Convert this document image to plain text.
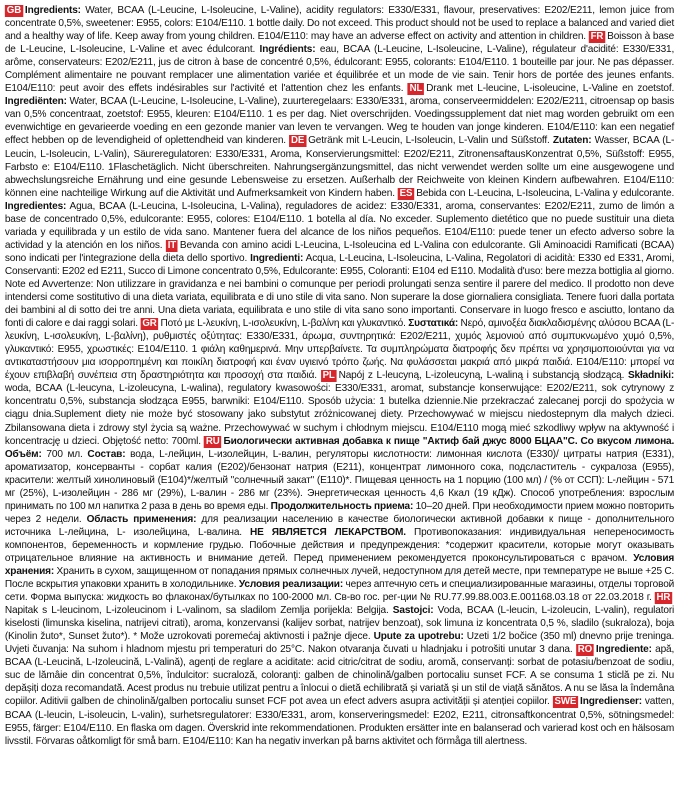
GB Ingredients: Water, BCAA (L-Leucine, L-Isoleucine, L-Valine), acidity regulators: E330/E331, flavour, preservatives: E202/E211, lemon juice from concentrate 0,5%, sweetener: E955, colors: E104/E110. 1 bottle daily. Do not exceed. This product should not be used to replace a balanced and varied diet and a healthy way of life. Keep away from young children. E104/E110: may have an adverse effect on activity and attention in children. FR Boisson à base de L-Leucine, L-Isoleucine, L-Valine et avec édulcorant. Ingrédients: eau, BCAA (L-Leucine, L-Isoleucine, L-Valine), régulateur d'acidité: E330/E331, arôme, conservateurs: E202/E211, jus de citron à base de concentré 0,5%, édulcorant: E955, colorants: E104/E110. 1 bouteille par jour. Ne pas dépasser. Complément alimentaire ne pouvant remplacer une alimentation variée et équilibrée et un mode de vie sain. Tenir hors de portée des jeunes enfants. E104/E110: peut avoir des effets indésirables sur l'activité et l'attention chez les enfants. NL Drank met L-leucine, L-isoleucine, L-Valine en zoetstof. Ingrediënten: Water, BCAA (L-Leucine, L-Isoleucine, L-Valine), zuurteregelaars: E330/E331, aroma, conserveermiddelen: E202/E211, citroensap op basis van 0,5% concentraat, zoetstof: E955, kleuren: E104/E110. 1 es per dag. Niet overschrijden. Voedingssupplement dat niet mag worden gebruikt om een evenwichtige en gevarieerde voeding en een gezonde manier van leven te vervangen. Weg te houden van jonge kinderen. E104/E110: kan een negatief effect hebben op de levendigheid of oplettendheid van kinderen. DE Getränk mit L-Leucin, L-Isoleucin, L-Valin und Süßstoff. Zutaten: Wasser, BCAA (L-Leucin, L-Isoleucin, L-Valin), Säureregulatoren: E330/E331, Aroma, Konservierungsmittel: E202/E211, ZitronensaftausKonzentrat 0,5%, Süßstoff: E955, Farbsto e: E104/E110. 1Flaschetäglich. Nicht überschreiten. Nahrungsergänzungsmittel, das nicht verwendet werden sollte um eine ausgewogene und abwechslungsreiche Ernährung und eine gesunde Lebensweise zu ersetzen. Außerhalb der Reichweite von kleinen Kindern aufbewahren. E104/E110: können eine nachteilige Wirkung auf die Aktivität und Aufmerksamkeit von Kindern haben. ES Bebida con L-Leucina, L-Isoleucina, L-Valina y edulcorante. Ingredientes: Agua, BCAA (L-Leucina, L-Isoleucina, L-Valina), reguladores de acidez: E330/E331, aroma, conservantes: E202/E211, zumo de limón a base de concentrado 0,5%, edulcorante: E955, colores: E104/E110. 1 botella al día. No exceder. Suplemento dietético que no puede sustituir una dieta variada y equilibrada y un estilo de vida sano. Mantener fuera del alcance de los niños pequeños. E104/E110: puede tener un efecto adverso sobre la actividad y la atención en los niños. IT Bevanda con amino acidi L-Leucina, L-Isoleucina ed L-Valina con edulcorante. Gli Aminoacidi Ramificati (BCAA) sono indicati per l'integrazione della dieta dello sportivo. Ingredienti: Acqua, L-Leucina, L-Isoleucina, L-Valina, Regolatori di acidità: E330 ed E331, Aromi, Conservanti: E202 ed E211, Succo di Limone concentrato 0,5%, Edulcorante: E955, Coloranti: E104 ed E110. Modalità d'uso: bere mezza bottiglia al giorno. Note ed Avvertenze: Non utilizzare in gravidanza e nei bambini o comunque per periodi prolungati senza sentire il parere del medico. Il prodotto non deve intendersi come sostitutivo di una dieta variata, equilibrata e di uno stile di vita sano. Non superare la dose giornaliera consigliata. Tenere fuori dalla portata dei bambini al di sotto dei tre anni. Una dieta variata, equilibrata e uno stile di vita sano sono importanti. Conservare in luogo fresco e asciutto, lontano da fonti di calore e dai raggi solari. GR Ποτό με L-λευκίνη, L-ισολευκίνη, L-βαλίνη και γλυκαντικό. Συστατικά: Νερό, αμινοξέα διακλαδισμένης αλύσου BCAA (L-λευκίνη, L-ισολευκίνη, L-βαλίνη), ρυθμιστές οξύτητας: E330/E331, άρωμα, συντηρητικά: E202/E211, χυμός λεμονιού από συμπυκνωμένο χυμό 0,5%, γλυκαντικό: E955, χρωστικές: E104/E110. 1 φιάλη καθημερινά. Μην υπερβαίνετε. Τα συμπληρώματα διατροφής δεν πρέπει να χρησιμοποιούνται για να αντικαταστήσουν μια ισορροπημένη και ποικίλη διατροφή και έναν υγιεινό τρόπο ζωής. Να φυλάσσεται μακριά από μικρά παιδιά. E104/E110: μπορεί να έχουν επιβλαβή συνέπεια στη δραστηριότητα και προσοχή στα παιδιά. PL Napój z L-leucyną, L-izoleucyną, L-waliną i substancją słodzącą. Składniki: woda, BCAA (L-leucyna, L-izoleucyna, L-walina), regulatory kwasowości: E330/E331, aromat, substancje konserwujące: E202/E211, sok cytrynowy z koncentratu 0,5%, substancja słodząca E955, barwniki: E104/E110. Sposób użycia: 1 butelka dziennie.Nie przekraczać zalecanej porcji do spożycia w ciągu dnia.Suplement diety nie może być stosowany jako substytut zróżnicowanej diety. Przechowywać w miejscu niedostepnym dla małych dzieci. Zbilansowana dieta i zdrowy styl życia są ważne. Przechowywać w suchym i chłodnym miejscu. E104/E110 mogą mieć szkodliwy wpływ na aktywność i koncentrację u dzieci. Objętość netto: 700ml. RU Биологически активная добавка к пище "Актиф бай джус 8000 БЦАА"С. Со вкусом лимона. Объём: 700 мл. Состав: вода, L-лейцин, L-изолейцин, L-валин, регуляторы кислотности: лимонная кислота (E330)/ цитраты натрия (E331), ароматизатор, консерванты - сорбат калия (E202)/бензонат натрия (E211), концентрат лимонного сока, подсластитель - сукралоза (E955), красители: желтый хинолиновый (E104)*/желтый "солнечный закат" (E110)*. Пищевая ценность на 1 порцию (100 мл) / (% от ССП): L-лейцин - 571 мг (25%), L-изолейцин - 286 мг (29%), L-валин - 286 мг (23%). Энергетическая ценность 4,6 Ккал (19 кДж). Способ употребления: взрослым принимать по 100 мл напитка 2 раза в день во время еды. Продолжительность приема: 10–20 дней. При необходимости прием можно повторить через 2 недели. Область применения: для реализации населению в качестве биологически активной добавки к пище - дополнительного источника L-лейцина, L- изолейцина, L-валина. НЕ ЯВЛЯЕТСЯ ЛЕКАРСТВОМ. Противопоказания: индивидуальная непереносимость компонентов, беременность и кормление грудью. Побочные действия и предупреждения: *содержит красители, которые могут оказывать отрицательное влияние на активность и внимание детей. Перед применением рекомендуется проконсультироваться с врачом. Условия хранения: Хранить в сухом, защищенном от попадания прямых солнечных лучей, недоступном для детей месте, при температуре не выше +25 С. После вскрытия упаковки хранить в холодильнике. Условия реализации: через аптечную сеть и специализированные магазины, отделы торговой сети. Форма выпуска: жидкость во флаконах/бутылках по 100-2000 мл. Св-во гос. рег-ции № RU.77.99.88.003.E.001168.03.18 от 22.03.2018 г. HRNapitak s L-leucinom, L-izoleucinom i L-valinom, sa sladilom Zemlja porijekla: Belgija. Sastojci: Voda, BCAA (L-leucin, L-izoleucin, L-valin), regulatori kiselosti (limunska kiselina, natrijevi citrati), aroma, konzervansi (kalijev sorbat, natrijev benzoat), sok limuna iz koncentrata 0,5 %, sladilo (sukraloza), boja (Kinolin žuto*, Sunset žuto*). * Može uzrokovati poremećaj aktivnosti i pažnje djece. Upute za upotrebu: Uzeti 1/2 bočice (350 ml) dnevno prije treninga. Uvjeti čuvanja: Na suhom i hladnom mjestu pri temperaturi do 25°C. Nakon otvaranja čuvati u hladnjaku i potrošiti unutar 3 dana. RO Ingrediente: apă, BCAA (L-Leucină, L-Izoleucină, L-Valină), agenți de reglare a aciditate: acid citric/citrat de sodiu, aromă, conservanți: sorbat de potasiu/benzoat de sodiu, suc de lămâie din concentrat 0,5%, îndulcitor: sucraloză, coloranți: galben de chinolină/galben portocaliu sunset FCF. A se consuma 1 sticlă pe zi. Nu depășiți doza recomandată. Acest produs nu trebuie utilizat pentru a înlocui o dietă echilibrată și variată și un stil de viață sănătos. A nu se lăsa la îndemâna copiilor. Aditivii galben de chinolină/galben portocaliu sunset FCF pot avea un efect advers asupra activității și atenției copiilor. SWE Ingredienser: vatten, BCAA (L-leucin, L-isoleucin, L-valin), surhetsregulatorer: E330/E331, arom, konserveringsmedel: E202, E211, citronsaftkoncentrat 0,5%, sötningsmedel: E955, färger: E104/E110. En flaska om dagen. Överskrid inte rekommendationen. Produkten ersätter inte en balanserad och varierad kost och en hälsosam livsstil. Förvaras oåtkomligt för små barn. E104/E110: Kan ha negativ inverkan på barns aktivitet och förmåga till alertness.
